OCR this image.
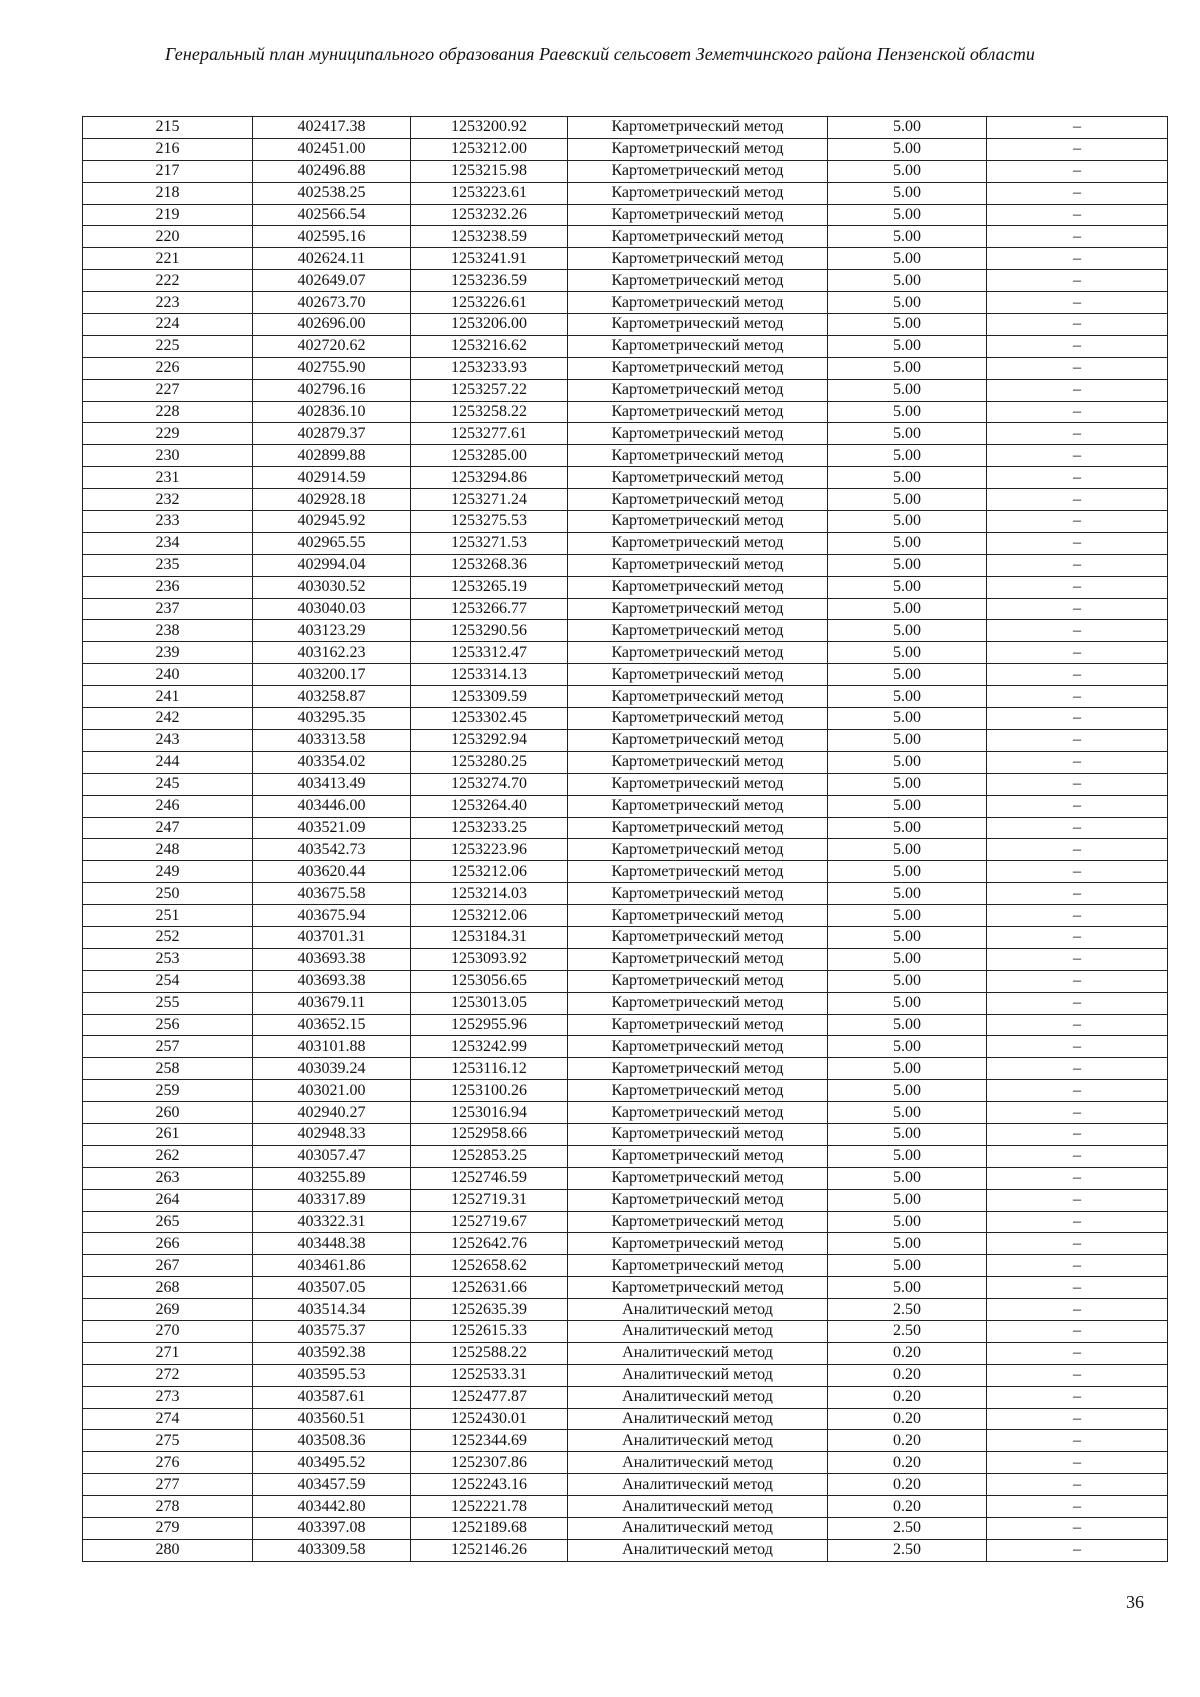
Генеральный план муниципального образования Раевский сельсовет Земетчинского района Пензенской области
215	402417.38	1253200.92	Картометрический метод	5.00	–
216	402451.00	1253212.00	Картометрический метод	5.00	–
217	402496.88	1253215.98	Картометрический метод	5.00	–
218	402538.25	1253223.61	Картометрический метод	5.00	–
219	402566.54	1253232.26	Картометрический метод	5.00	–
220	402595.16	1253238.59	Картометрический метод	5.00	–
221	402624.11	1253241.91	Картометрический метод	5.00	–
222	402649.07	1253236.59	Картометрический метод	5.00	–
223	402673.70	1253226.61	Картометрический метод	5.00	–
224	402696.00	1253206.00	Картометрический метод	5.00	–
225	402720.62	1253216.62	Картометрический метод	5.00	–
226	402755.90	1253233.93	Картометрический метод	5.00	–
227	402796.16	1253257.22	Картометрический метод	5.00	–
228	402836.10	1253258.22	Картометрический метод	5.00	–
229	402879.37	1253277.61	Картометрический метод	5.00	–
230	402899.88	1253285.00	Картометрический метод	5.00	–
231	402914.59	1253294.86	Картометрический метод	5.00	–
232	402928.18	1253271.24	Картометрический метод	5.00	–
233	402945.92	1253275.53	Картометрический метод	5.00	–
234	402965.55	1253271.53	Картометрический метод	5.00	–
235	402994.04	1253268.36	Картометрический метод	5.00	–
236	403030.52	1253265.19	Картометрический метод	5.00	–
237	403040.03	1253266.77	Картометрический метод	5.00	–
238	403123.29	1253290.56	Картометрический метод	5.00	–
239	403162.23	1253312.47	Картометрический метод	5.00	–
240	403200.17	1253314.13	Картометрический метод	5.00	–
241	403258.87	1253309.59	Картометрический метод	5.00	–
242	403295.35	1253302.45	Картометрический метод	5.00	–
243	403313.58	1253292.94	Картометрический метод	5.00	–
244	403354.02	1253280.25	Картометрический метод	5.00	–
245	403413.49	1253274.70	Картометрический метод	5.00	–
246	403446.00	1253264.40	Картометрический метод	5.00	–
247	403521.09	1253233.25	Картометрический метод	5.00	–
248	403542.73	1253223.96	Картометрический метод	5.00	–
249	403620.44	1253212.06	Картометрический метод	5.00	–
250	403675.58	1253214.03	Картометрический метод	5.00	–
251	403675.94	1253212.06	Картометрический метод	5.00	–
252	403701.31	1253184.31	Картометрический метод	5.00	–
253	403693.38	1253093.92	Картометрический метод	5.00	–
254	403693.38	1253056.65	Картометрический метод	5.00	–
255	403679.11	1253013.05	Картометрический метод	5.00	–
256	403652.15	1252955.96	Картометрический метод	5.00	–
257	403101.88	1253242.99	Картометрический метод	5.00	–
258	403039.24	1253116.12	Картометрический метод	5.00	–
259	403021.00	1253100.26	Картометрический метод	5.00	–
260	402940.27	1253016.94	Картометрический метод	5.00	–
261	402948.33	1252958.66	Картометрический метод	5.00	–
262	403057.47	1252853.25	Картометрический метод	5.00	–
263	403255.89	1252746.59	Картометрический метод	5.00	–
264	403317.89	1252719.31	Картометрический метод	5.00	–
265	403322.31	1252719.67	Картометрический метод	5.00	–
266	403448.38	1252642.76	Картометрический метод	5.00	–
267	403461.86	1252658.62	Картометрический метод	5.00	–
268	403507.05	1252631.66	Картометрический метод	5.00	–
269	403514.34	1252635.39	Аналитический метод	2.50	–
270	403575.37	1252615.33	Аналитический метод	2.50	–
271	403592.38	1252588.22	Аналитический метод	0.20	–
272	403595.53	1252533.31	Аналитический метод	0.20	–
273	403587.61	1252477.87	Аналитический метод	0.20	–
274	403560.51	1252430.01	Аналитический метод	0.20	–
275	403508.36	1252344.69	Аналитический метод	0.20	–
276	403495.52	1252307.86	Аналитический метод	0.20	–
277	403457.59	1252243.16	Аналитический метод	0.20	–
278	403442.80	1252221.78	Аналитический метод	0.20	–
279	403397.08	1252189.68	Аналитический метод	2.50	–
280	403309.58	1252146.26	Аналитический метод	2.50	–
36
